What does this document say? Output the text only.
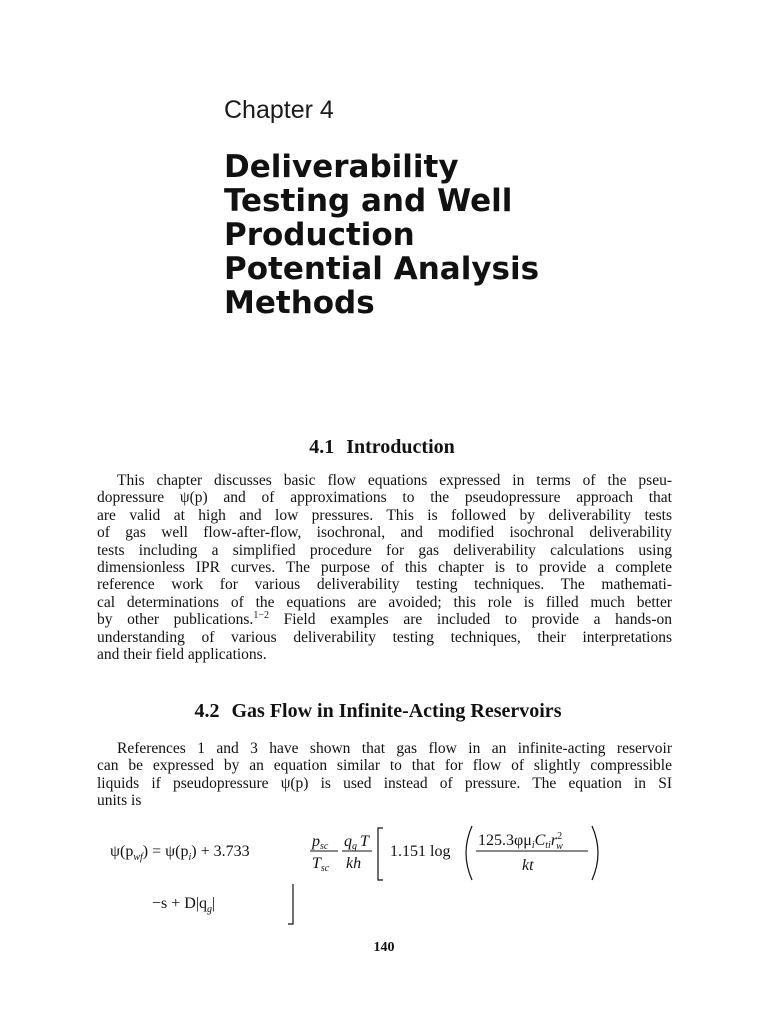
Chapter 4
Deliverability
Testing and Well
Production
Potential Analysis
Methods
4.1 Introduction
This chapter discusses basic flow equations expressed in terms of the pseu-
dopressure ψ(p) and of approximations to the pseudopressure approach that
are valid at high and low pressures. This is followed by deliverability tests
of gas well flow-after-flow, isochronal, and modified isochronal deliverability
tests including a simplified procedure for gas deliverability calculations using
dimensionless IPR curves. The purpose of this chapter is to provide a complete
reference work for various deliverability testing techniques. The mathemati-
cal determinations of the equations are avoided; this role is filled much better
by other publications.$^{1-2}$ Field examples are included to provide a hands-on
understanding of various deliverability testing techniques, their interpretations
and their field applications.
4.2 Gas Flow in Infinite-Acting Reservoirs
References 1 and 3 have shown that gas flow in an infinite-acting reservoir
can be expressed by an equation similar to that for flow of slightly compressible
liquids if pseudopressure ψ(p) is used instead of pressure. The equation in SI
units is
$\psi(p_{wf}) = \psi(p_i) + 3.733$
psc
Tsc
qg T
kh
1.151 log
125.3φμiCtir$^2$ w
kt
$-s + D|q_g|$
140
